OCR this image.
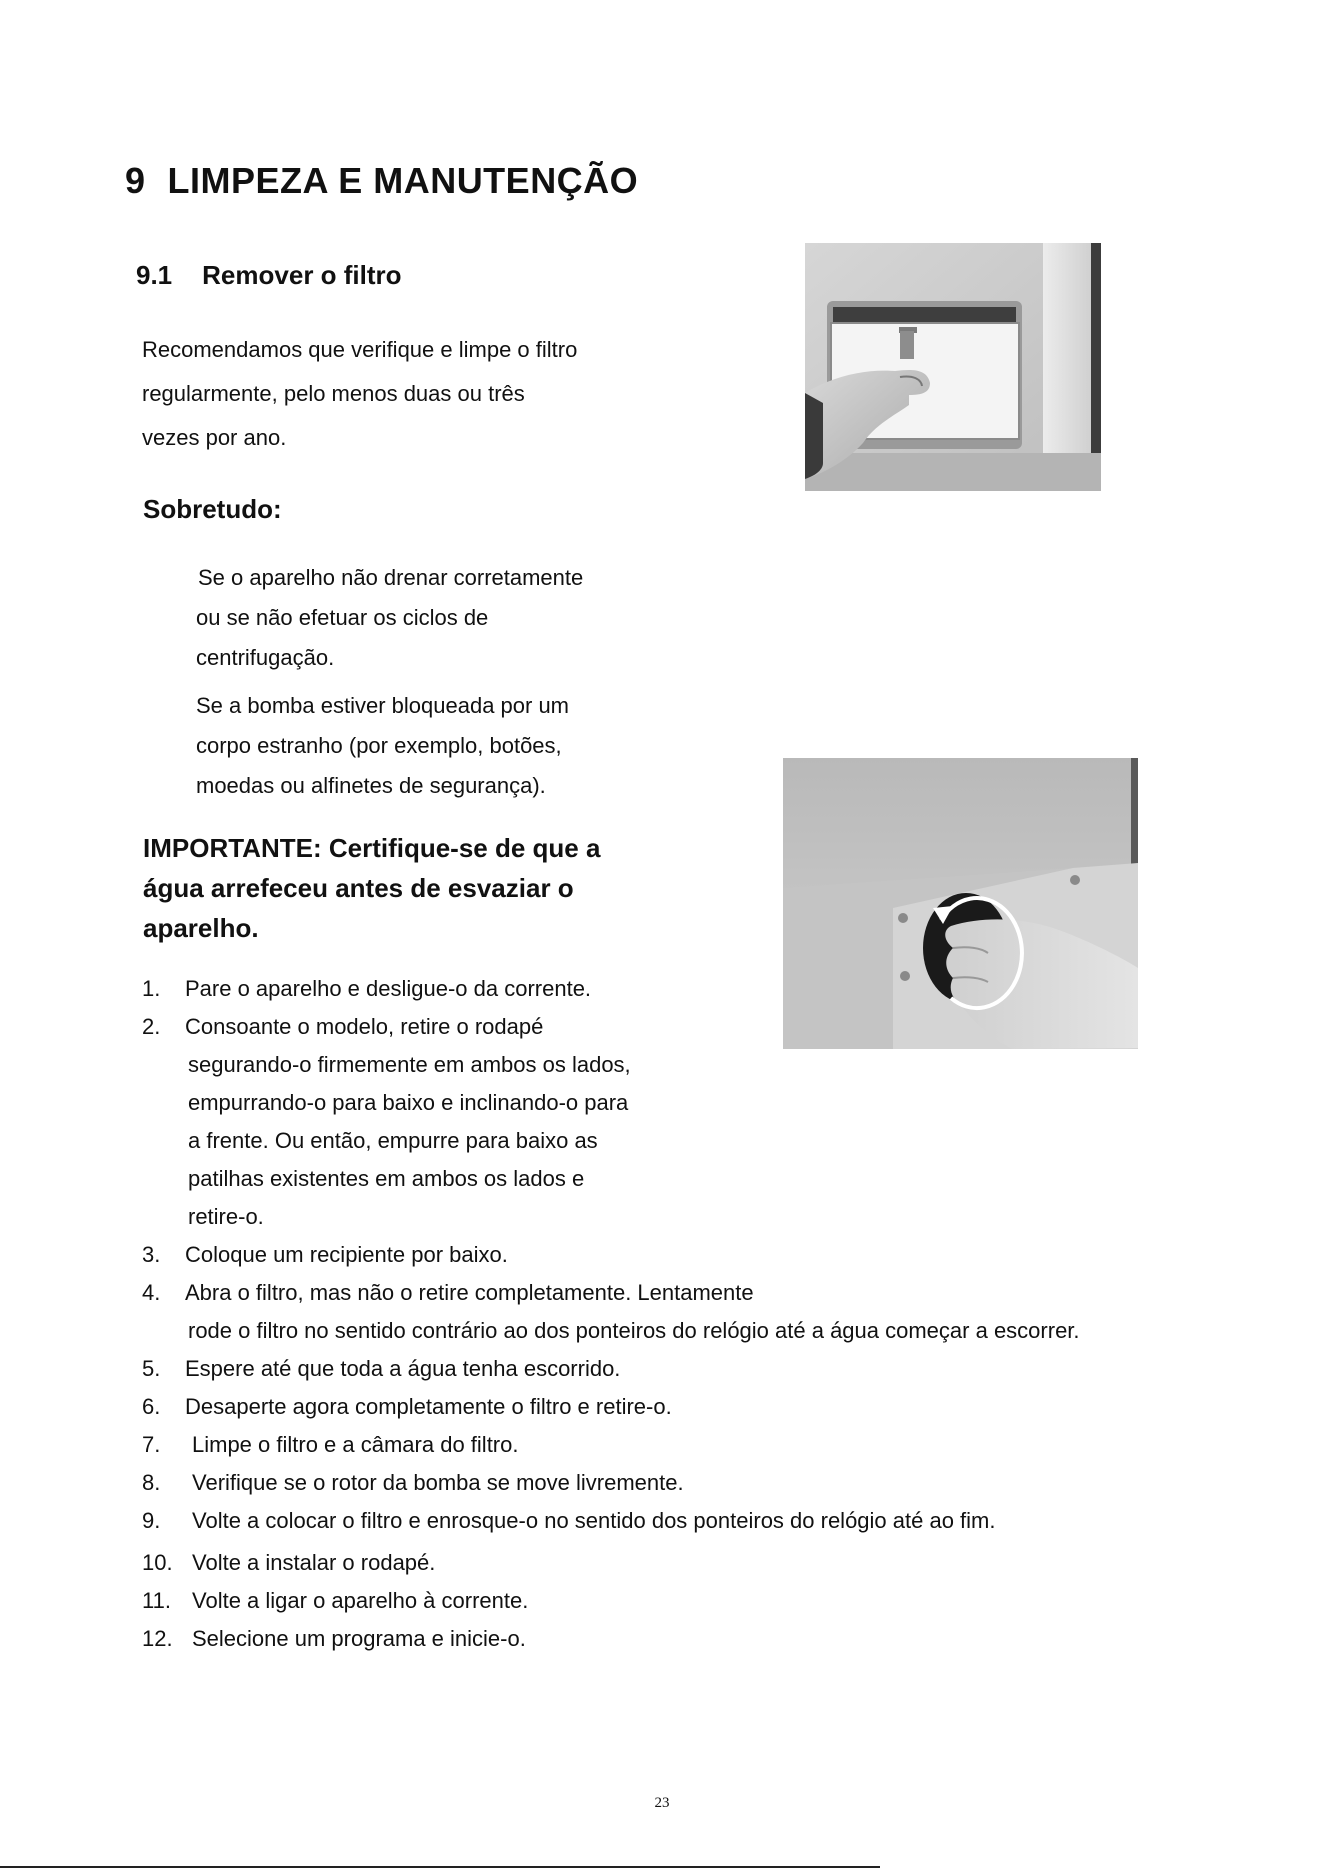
9 LIMPEZA E MANUTENÇÃO
9.1 Remover o filtro
Recomendamos que verifique e limpe o filtro
regularmente, pelo menos duas ou três
vezes por ano.
Sobretudo:
Se o aparelho não drenar corretamente
ou se não efetuar os ciclos de
centrifugação.
Se a bomba estiver bloqueada por um
corpo estranho (por exemplo, botões,
moedas ou alfinetes de segurança).
IMPORTANTE: Certifique-se de que a
água arrefeceu antes de esvaziar o
aparelho.
1. Pare o aparelho e desligue-o da corrente.
2. Consoante o modelo, retire o rodapé
segurando-o firmemente em ambos os lados,
empurrando-o para baixo e inclinando-o para
a frente. Ou então, empurre para baixo as
patilhas existentes em ambos os lados e
retire-o.
3. Coloque um recipiente por baixo.
4. Abra o filtro, mas não o retire completamente. Lentamente
rode o filtro no sentido contrário ao dos ponteiros do relógio até a água começar a escorrer.
5. Espere até que toda a água tenha escorrido.
6. Desaperte agora completamente o filtro e retire-o.
7. Limpe o filtro e a câmara do filtro.
8. Verifique se o rotor da bomba se move livremente.
9. Volte a colocar o filtro e enrosque-o no sentido dos ponteiros do relógio até ao fim.
10. Volte a instalar o rodapé.
11. Volte a ligar o aparelho à corrente.
12. Selecione um programa e inicie-o.
23
